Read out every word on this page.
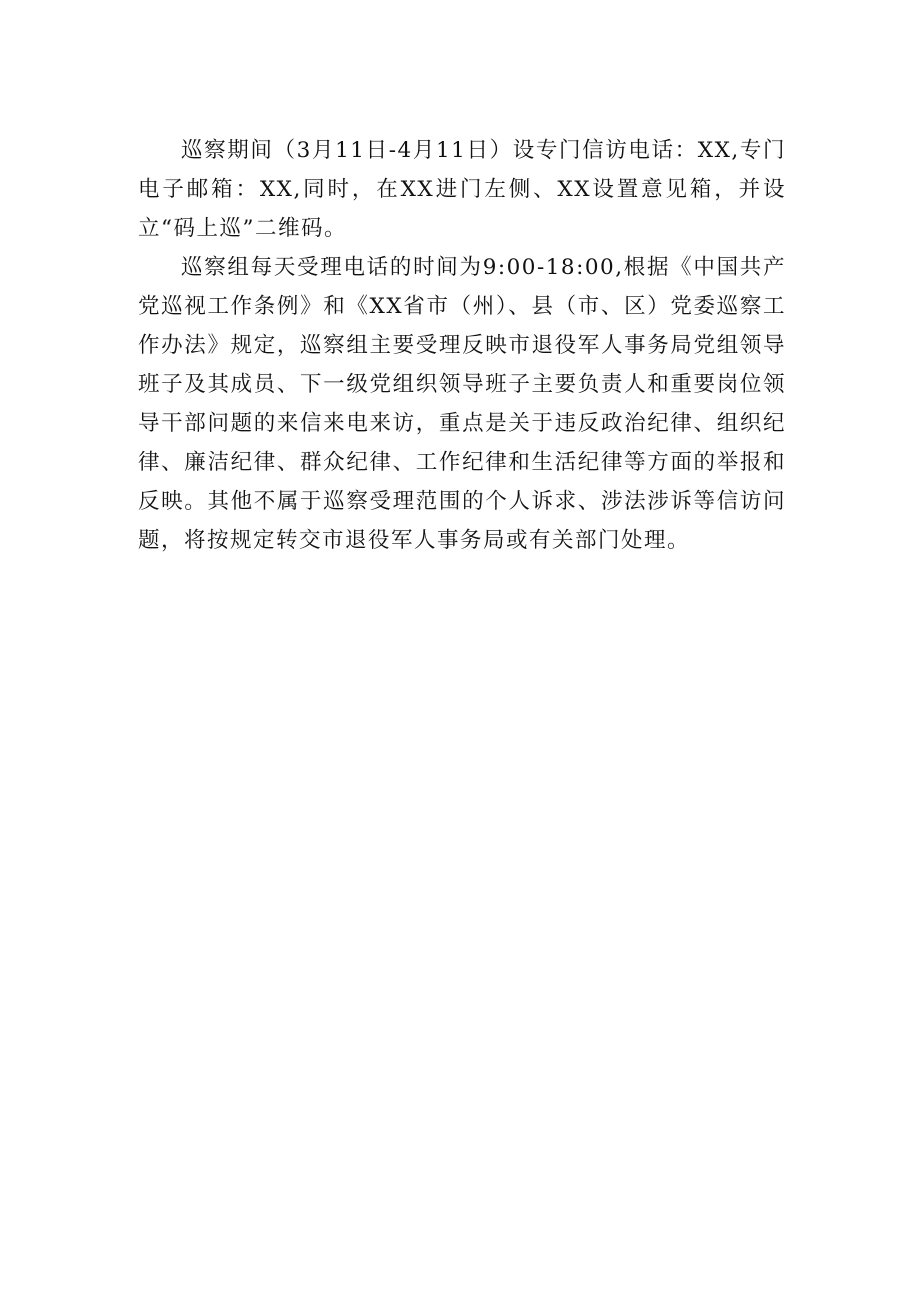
巡察期间（3月11日-4月11日）设专门信访电话：XX,专门电子邮箱：XX,同时，在XX进门左侧、XX设置意见箱，并设立“码上巡”二维码。

巡察组每天受理电话的时间为9:00-18:00,根据《中国共产党巡视工作条例》和《XX省市（州）、县（市、区）党委巡察工作办法》规定，巡察组主要受理反映市退役军人事务局党组领导班子及其成员、下一级党组织领导班子主要负责人和重要岗位领导干部问题的来信来电来访，重点是关于违反政治纪律、组织纪律、廉洁纪律、群众纪律、工作纪律和生活纪律等方面的举报和反映。其他不属于巡察受理范围的个人诉求、涉法涉诉等信访问题，将按规定转交市退役军人事务局或有关部门处理。
